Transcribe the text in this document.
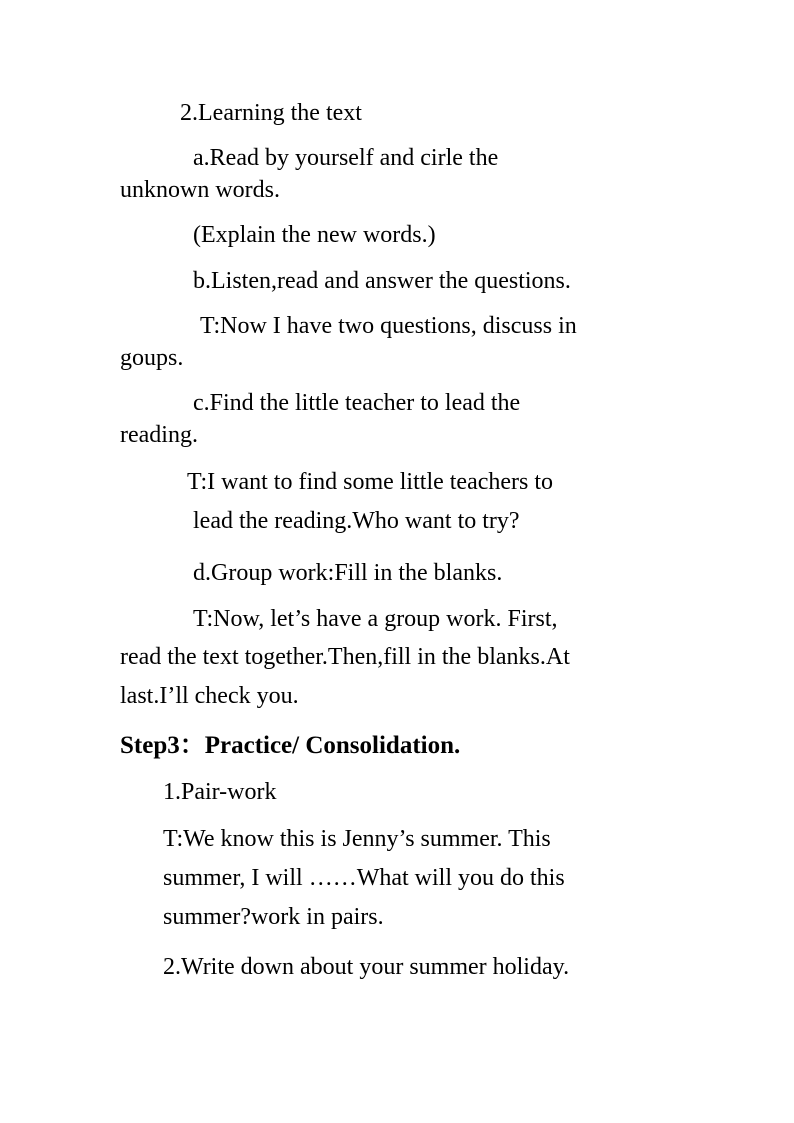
2.Learning the text

a.Read by yourself and cirle the

unknown words.

(Explain the new words.)

b.Listen,read and answer the questions.

T:Now I have two questions, discuss in

goups.

c.Find the little teacher to lead the

reading.

T:I want to find some little teachers to

lead the reading.Who want to try?

d.Group work:Fill in the blanks.

T:Now, let’s have a group work. First,

read the text together.Then,fill in the blanks.At

last.I’ll check you.

Step3：Practice/ Consolidation.

1.Pair-work

T:We know this is Jenny’s summer. This

summer, I will ……What will you do this

summer?work in pairs.

2.Write down about your summer holiday.
